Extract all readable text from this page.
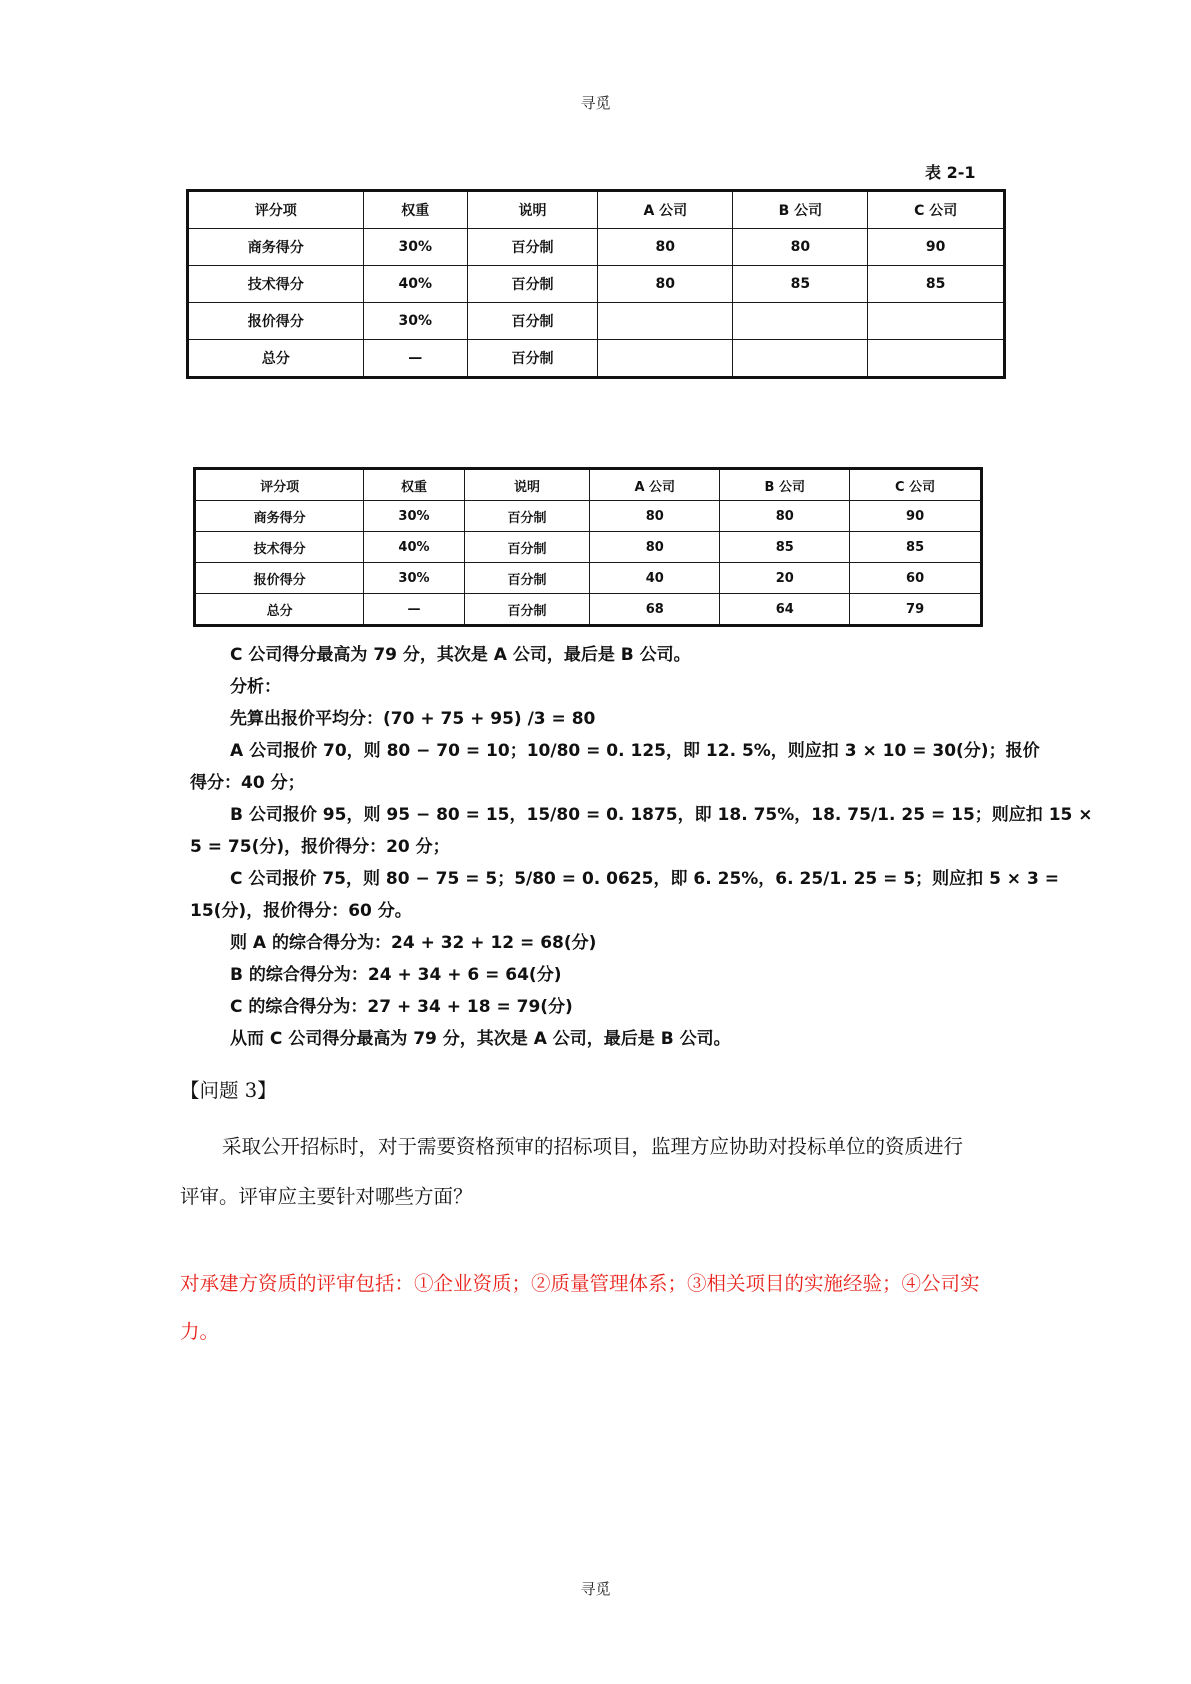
寻觅
表 2-1
评分项	权重	说明	A 公司	B 公司	C 公司
商务得分	30%	百分制	80	80	90
技术得分	40%	百分制	80	85	85
报价得分	30%	百分制			
总分	—	百分制			
评分项	权重	说明	A 公司	B 公司	C 公司
商务得分	30%	百分制	80	80	90
技术得分	40%	百分制	80	85	85
报价得分	30%	百分制	40	20	60
总分	—	百分制	68	64	79
C 公司得分最高为 79 分，其次是 A 公司，最后是 B 公司。
分析：
先算出报价平均分：(70 + 75 + 95) /3 = 80
A 公司报价 70，则 80 − 70 = 10；10/80 = 0. 125，即 12. 5%，则应扣 3 × 10 = 30(分)；报价
得分：40 分；
B 公司报价 95，则 95 − 80 = 15，15/80 = 0. 1875，即 18. 75%，18. 75/1. 25 = 15；则应扣 15 ×
5 = 75(分)，报价得分：20 分；
C 公司报价 75，则 80 − 75 = 5；5/80 = 0. 0625，即 6. 25%，6. 25/1. 25 = 5；则应扣 5 × 3 =
15(分)，报价得分：60 分。
则 A 的综合得分为：24 + 32 + 12 = 68(分)
B 的综合得分为：24 + 34 + 6 = 64(分)
C 的综合得分为：27 + 34 + 18 = 79(分)
从而 C 公司得分最高为 79 分，其次是 A 公司，最后是 B 公司。
【问题 3】
采取公开招标时，对于需要资格预审的招标项目，监理方应协助对投标单位的资质进行
评审。评审应主要针对哪些方面？
对承建方资质的评审包括：①企业资质；②质量管理体系；③相关项目的实施经验；④公司实
力。
寻觅
